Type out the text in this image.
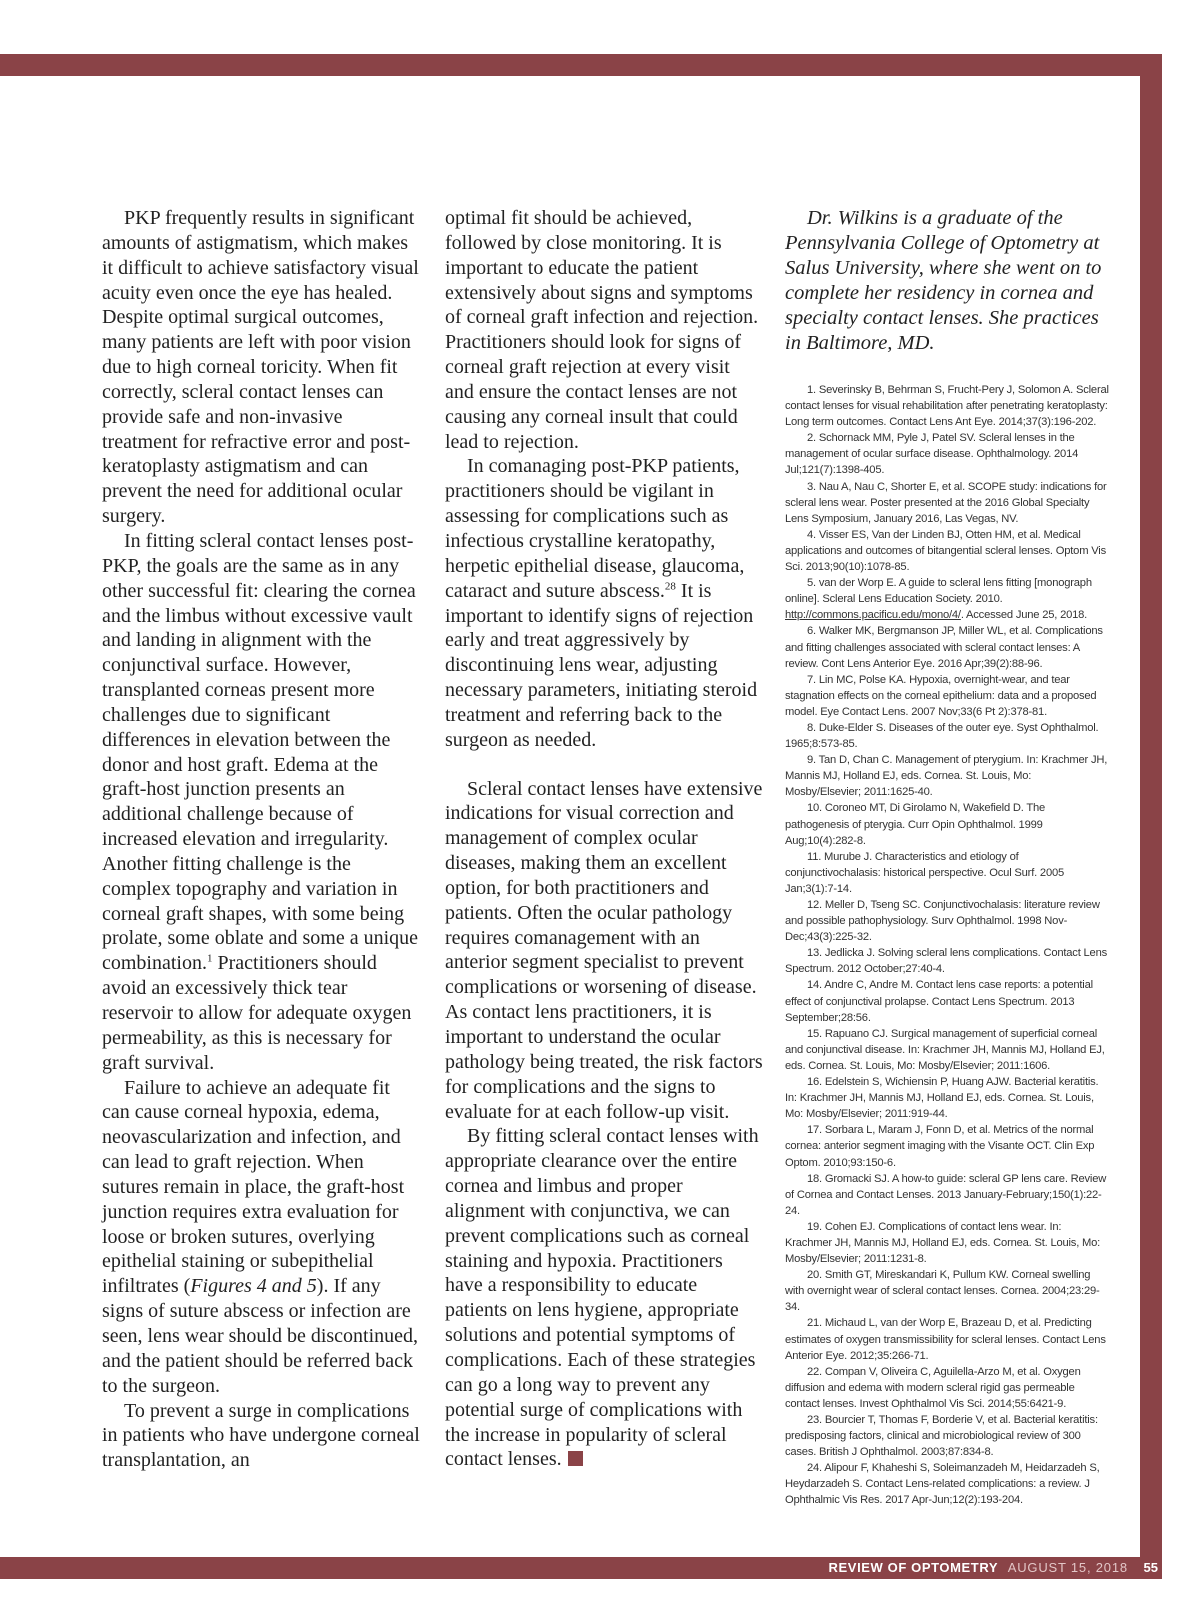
PKP frequently results in significant amounts of astigmatism, which makes it difficult to achieve satisfactory visual acuity even once the eye has healed. Despite optimal surgical outcomes, many patients are left with poor vision due to high corneal toricity. When fit correctly, scleral contact lenses can provide safe and non-invasive treatment for refractive error and post-keratoplasty astigmatism and can prevent the need for additional ocular surgery.

In fitting scleral contact lenses post-PKP, the goals are the same as in any other successful fit: clearing the cornea and the limbus without excessive vault and landing in alignment with the conjunctival surface. However, transplanted corneas present more challenges due to significant differences in elevation between the donor and host graft. Edema at the graft-host junction presents an additional challenge because of increased elevation and irregularity. Another fitting challenge is the complex topography and variation in corneal graft shapes, with some being prolate, some oblate and some a unique combination.$^1$ Practitioners should avoid an excessively thick tear reservoir to allow for adequate oxygen permeability, as this is necessary for graft survival.

Failure to achieve an adequate fit can cause corneal hypoxia, edema, neovascularization and infection, and can lead to graft rejection. When sutures remain in place, the graft-host junction requires extra evaluation for loose or broken sutures, overlying epithelial staining or subepithelial infiltrates (Figures 4 and 5). If any signs of suture abscess or infection are seen, lens wear should be discontinued, and the patient should be referred back to the surgeon.

To prevent a surge in complications in patients who have undergone corneal transplantation, an

optimal fit should be achieved, followed by close monitoring. It is important to educate the patient extensively about signs and symptoms of corneal graft infection and rejection. Practitioners should look for signs of corneal graft rejection at every visit and ensure the contact lenses are not causing any corneal insult that could lead to rejection.

In comanaging post-PKP patients, practitioners should be vigilant in assessing for complications such as infectious crystalline keratopathy, herpetic epithelial disease, glaucoma, cataract and suture abscess.$^{28}$ It is important to identify signs of rejection early and treat aggressively by discontinuing lens wear, adjusting necessary parameters, initiating steroid treatment and referring back to the surgeon as needed.

Scleral contact lenses have extensive indications for visual correction and management of complex ocular diseases, making them an excellent option, for both practitioners and patients. Often the ocular pathology requires comanagement with an anterior segment specialist to prevent complications or worsening of disease. As contact lens practitioners, it is important to understand the ocular pathology being treated, the risk factors for complications and the signs to evaluate for at each follow-up visit.

By fitting scleral contact lenses with appropriate clearance over the entire cornea and limbus and proper alignment with conjunctiva, we can prevent complications such as corneal staining and hypoxia. Practitioners have a responsibility to educate patients on lens hygiene, appropriate solutions and potential symptoms of complications. Each of these strategies can go a long way to prevent any potential surge of complications with the increase in popularity of scleral contact lenses.

Dr. Wilkins is a graduate of the Pennsylvania College of Optometry at Salus University, where she went on to complete her residency in cornea and specialty contact lenses. She practices in Baltimore, MD.

1. Severinsky B, Behrman S, Frucht-Pery J, Solomon A. Scleral contact lenses for visual rehabilitation after penetrating keratoplasty: Long term outcomes. Contact Lens Ant Eye. 2014;37(3):196-202.

2. Schornack MM, Pyle J, Patel SV. Scleral lenses in the management of ocular surface disease. Ophthalmology. 2014 Jul;121(7):1398-405.

3. Nau A, Nau C, Shorter E, et al. SCOPE study: indications for scleral lens wear. Poster presented at the 2016 Global Specialty Lens Symposium, January 2016, Las Vegas, NV.

4. Visser ES, Van der Linden BJ, Otten HM, et al. Medical applications and outcomes of bitangential scleral lenses. Optom Vis Sci. 2013;90(10):1078-85.

5. van der Worp E. A guide to scleral lens fitting [monograph online]. Scleral Lens Education Society. 2010. http://commons.pacificu.edu/mono/4/. Accessed June 25, 2018.

6. Walker MK, Bergmanson JP, Miller WL, et al. Complications and fitting challenges associated with scleral contact lenses: A review. Cont Lens Anterior Eye. 2016 Apr;39(2):88-96.

7. Lin MC, Polse KA. Hypoxia, overnight-wear, and tear stagnation effects on the corneal epithelium: data and a proposed model. Eye Contact Lens. 2007 Nov;33(6 Pt 2):378-81.

8. Duke-Elder S. Diseases of the outer eye. Syst Ophthalmol. 1965;8:573-85.

9. Tan D, Chan C. Management of pterygium. In: Krachmer JH, Mannis MJ, Holland EJ, eds. Cornea. St. Louis, Mo: Mosby/Elsevier; 2011:1625-40.

10. Coroneo MT, Di Girolamo N, Wakefield D. The pathogenesis of pterygia. Curr Opin Ophthalmol. 1999 Aug;10(4):282-8.

11. Murube J. Characteristics and etiology of conjunctivochalasis: historical perspective. Ocul Surf. 2005 Jan;3(1):7-14.

12. Meller D, Tseng SC. Conjunctivochalasis: literature review and possible pathophysiology. Surv Ophthalmol. 1998 Nov-Dec;43(3):225-32.

13. Jedlicka J. Solving scleral lens complications. Contact Lens Spectrum. 2012 October;27:40-4.

14. Andre C, Andre M. Contact lens case reports: a potential effect of conjunctival prolapse. Contact Lens Spectrum. 2013 September;28:56.

15. Rapuano CJ. Surgical management of superficial corneal and conjunctival disease. In: Krachmer JH, Mannis MJ, Holland EJ, eds. Cornea. St. Louis, Mo: Mosby/Elsevier; 2011:1606.

16. Edelstein S, Wichiensin P, Huang AJW. Bacterial keratitis. In: Krachmer JH, Mannis MJ, Holland EJ, eds. Cornea. St. Louis, Mo: Mosby/Elsevier; 2011:919-44.

17. Sorbara L, Maram J, Fonn D, et al. Metrics of the normal cornea: anterior segment imaging with the Visante OCT. Clin Exp Optom. 2010;93:150-6.

18. Gromacki SJ. A how-to guide: scleral GP lens care. Review of Cornea and Contact Lenses. 2013 January-February;150(1):22-24.

19. Cohen EJ. Complications of contact lens wear. In: Krachmer JH, Mannis MJ, Holland EJ, eds. Cornea. St. Louis, Mo: Mosby/Elsevier; 2011:1231-8.

20. Smith GT, Mireskandari K, Pullum KW. Corneal swelling with overnight wear of scleral contact lenses. Cornea. 2004;23:29-34.

21. Michaud L, van der Worp E, Brazeau D, et al. Predicting estimates of oxygen transmissibility for scleral lenses. Contact Lens Anterior Eye. 2012;35:266-71.

22. Compan V, Oliveira C, Aguilella-Arzo M, et al. Oxygen diffusion and edema with modern scleral rigid gas permeable contact lenses. Invest Ophthalmol Vis Sci. 2014;55:6421-9.

23. Bourcier T, Thomas F, Borderie V, et al. Bacterial keratitis: predisposing factors, clinical and microbiological review of 300 cases. British J Ophthalmol. 2003;87:834-8.

24. Alipour F, Khaheshi S, Soleimanzadeh M, Heidarzadeh S, Heydarzadeh S. Contact Lens-related complications: a review. J Ophthalmic Vis Res. 2017 Apr-Jun;12(2):193-204.

REVIEW OF OPTOMETRY AUGUST 15, 2018 55
